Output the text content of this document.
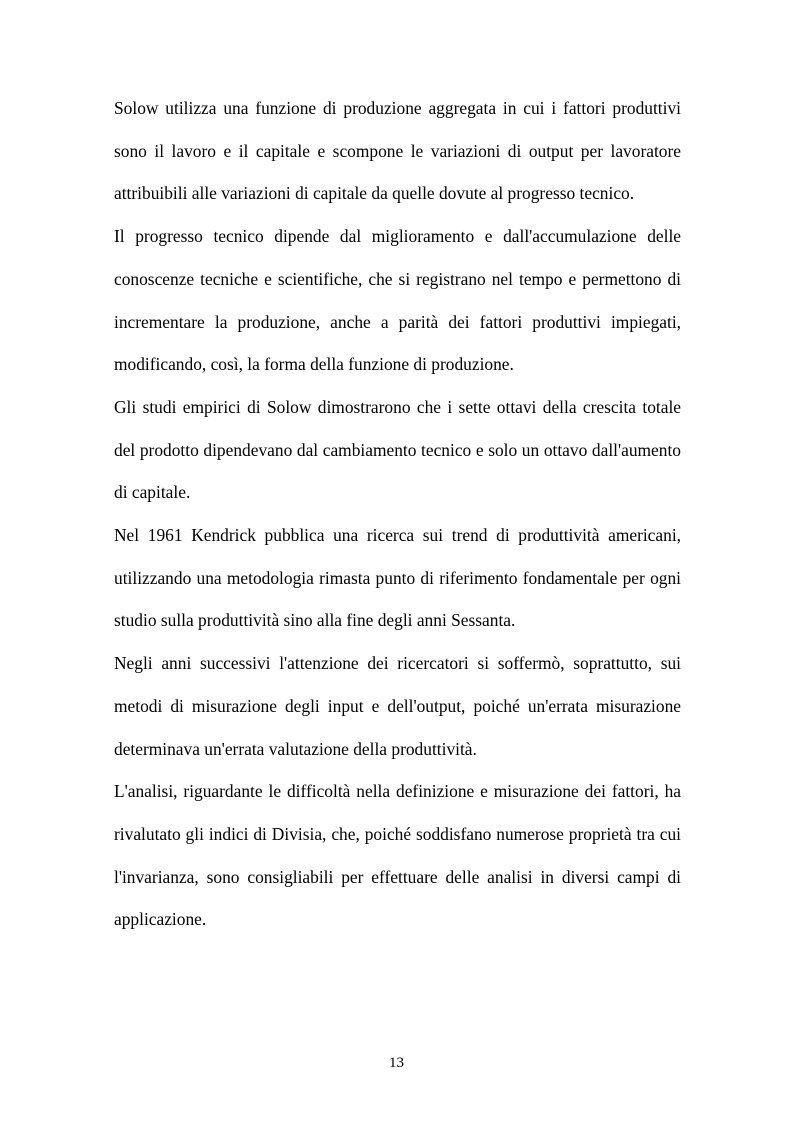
Solow utilizza una funzione di produzione aggregata in cui i fattori produttivi sono il lavoro e il capitale e scompone le variazioni di output per lavoratore attribuibili alle variazioni di capitale da quelle dovute al progresso tecnico.

Il progresso tecnico dipende dal miglioramento e dall'accumulazione delle conoscenze tecniche e scientifiche, che si registrano nel tempo e permettono di incrementare la produzione, anche a parità dei fattori produttivi impiegati, modificando, così, la forma della funzione di produzione.

Gli studi empirici di Solow dimostrarono che i sette ottavi della crescita totale del prodotto dipendevano dal cambiamento tecnico e solo un ottavo dall'aumento di capitale.

Nel 1961 Kendrick pubblica una ricerca sui trend di produttività americani, utilizzando una metodologia rimasta punto di riferimento fondamentale per ogni studio sulla produttività sino alla fine degli anni Sessanta.

Negli anni successivi l'attenzione dei ricercatori si soffermò, soprattutto, sui metodi di misurazione degli input e dell'output, poiché un'errata misurazione determinava un'errata valutazione della produttività.

L'analisi, riguardante le difficoltà nella definizione e misurazione dei fattori, ha rivalutato gli indici di Divisia, che, poiché soddisfano numerose proprietà tra cui l'invarianza, sono consigliabili per effettuare delle analisi in diversi campi di applicazione.

13
